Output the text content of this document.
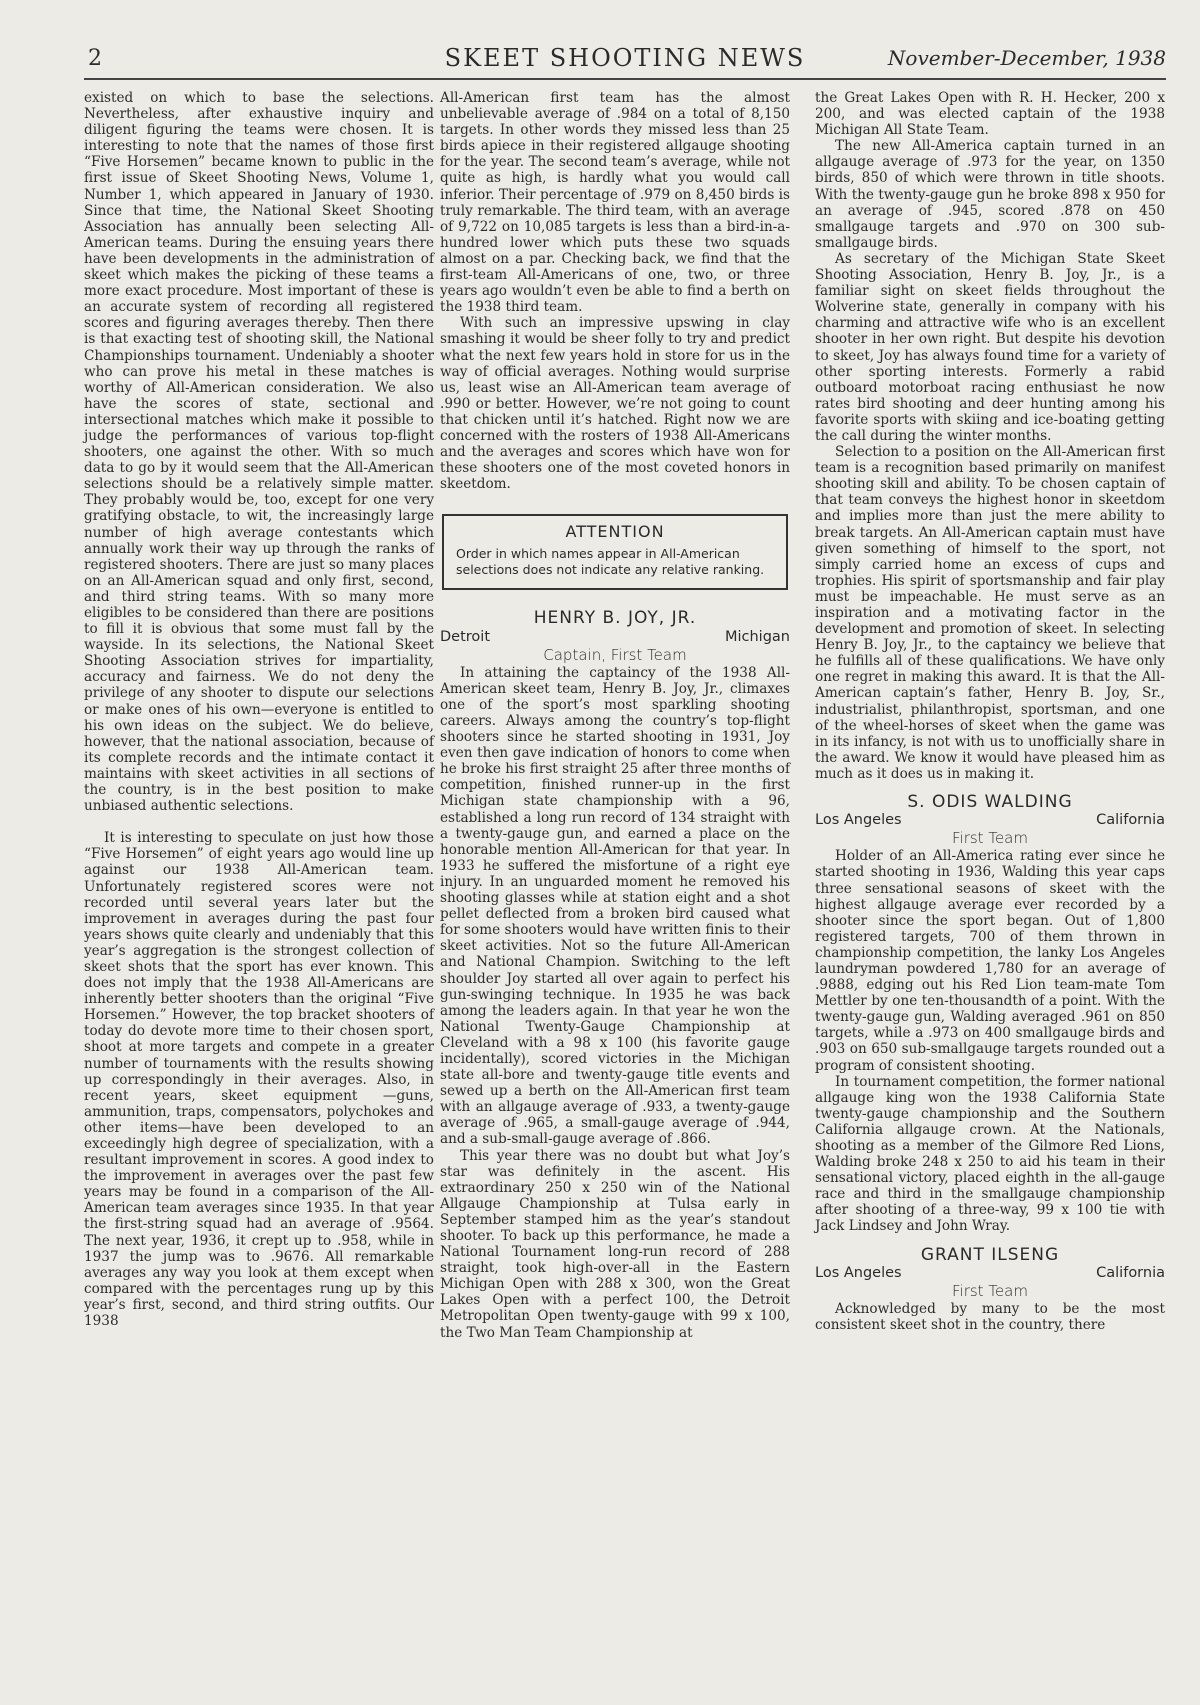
2	SKEET SHOOTING NEWS	November-December, 1938

existed on which to base the selections. Nevertheless, after exhaustive inquiry and diligent figuring the teams were chosen. It is interesting to note that the names of those first “Five Horsemen” became known to public in the first issue of Skeet Shooting News, Volume 1, Number 1, which appeared in January of 1930. Since that time, the National Skeet Shooting Association has annually been selecting All-American teams. During the ensuing years there have been developments in the administration of skeet which makes the picking of these teams a more exact procedure. Most important of these is an accurate system of recording all registered scores and figuring averages thereby. Then there is that exacting test of shooting skill, the National Championships tournament. Undeniably a shooter who can prove his metal in these matches is worthy of All-American consideration. We also have the scores of state, sectional and intersectional matches which make it possible to judge the performances of various top-flight shooters, one against the other. With so much data to go by it would seem that the All-American selections should be a relatively simple matter. They probably would be, too, except for one very gratifying obstacle, to wit, the increasingly large number of high average contestants which annually work their way up through the ranks of registered shooters. There are just so many places on an All-American squad and only first, second, and third string teams. With so many more eligibles to be considered than there are positions to fill it is obvious that some must fall by the wayside. In its selections, the National Skeet Shooting Association strives for impartiality, accuracy and fairness. We do not deny the privilege of any shooter to dispute our selections or make ones of his own—everyone is entitled to his own ideas on the subject. We do believe, however, that the national association, because of its complete records and the intimate contact it maintains with skeet activities in all sections of the country, is in the best position to make unbiased authentic selections.

It is interesting to speculate on just how those “Five Horsemen” of eight years ago would line up against our 1938 All-American team. Unfortunately registered scores were not recorded until several years later but the improvement in averages during the past four years shows quite clearly and undeniably that this year’s aggregation is the strongest collection of skeet shots that the sport has ever known. This does not imply that the 1938 All-Americans are inherently better shooters than the original “Five Horsemen.” However, the top bracket shooters of today do devote more time to their chosen sport, shoot at more targets and compete in a greater number of tournaments with the results showing up correspondingly in their averages. Also, in recent years, skeet equipment —guns, ammunition, traps, compensators, polychokes and other items—have been developed to an exceedingly high degree of specialization, with a resultant improvement in scores. A good index to the improvement in averages over the past few years may be found in a comparison of the All-American team averages since 1935. In that year the first-string squad had an average of .9564. The next year, 1936, it crept up to .958, while in 1937 the jump was to .9676. All remarkable averages any way you look at them except when compared with the percentages rung up by this year’s first, second, and third string outfits. Our 1938

All-American first team has the almost unbelievable average of .984 on a total of 8,150 targets. In other words they missed less than 25 birds apiece in their registered allgauge shooting for the year. The second team’s average, while not quite as high, is hardly what you would call inferior. Their percentage of .979 on 8,450 birds is truly remarkable. The third team, with an average of 9,722 on 10,085 targets is less than a bird-in-a-hundred lower which puts these two squads almost on a par. Checking back, we find that the first-team All-Americans of one, two, or three years ago wouldn’t even be able to find a berth on the 1938 third team.

With such an impressive upswing in clay smashing it would be sheer folly to try and predict what the next few years hold in store for us in the way of official averages. Nothing would surprise us, least wise an All-American team average of .990 or better. However, we’re not going to count that chicken until it’s hatched. Right now we are concerned with the rosters of 1938 All-Americans and the averages and scores which have won for these shooters one of the most coveted honors in skeetdom.

ATTENTION
Order in which names appear in All-American selections does not indicate any relative ranking.
HENRY B. JOY, JR.
Detroit	Michigan
Captain, First Team

In attaining the captaincy of the 1938 All-American skeet team, Henry B. Joy, Jr., climaxes one of the sport’s most sparkling shooting careers. Always among the country’s top-flight shooters since he started shooting in 1931, Joy even then gave indication of honors to come when he broke his first straight 25 after three months of competition, finished runner-up in the first Michigan state championship with a 96, established a long run record of 134 straight with a twenty-gauge gun, and earned a place on the honorable mention All-American for that year. In 1933 he suffered the misfortune of a right eye injury. In an unguarded moment he removed his shooting glasses while at station eight and a shot pellet deflected from a broken bird caused what for some shooters would have written finis to their skeet activities. Not so the future All-American and National Champion. Switching to the left shoulder Joy started all over again to perfect his gun-swinging technique. In 1935 he was back among the leaders again. In that year he won the National Twenty-Gauge Championship at Cleveland with a 98 x 100 (his favorite gauge incidentally), scored victories in the Michigan state all-bore and twenty-gauge title events and sewed up a berth on the All-American first team with an allgauge average of .933, a twenty-gauge average of .965, a small-gauge average of .944, and a sub-small-gauge average of .866.

This year there was no doubt but what Joy’s star was definitely in the ascent. His extraordinary 250 x 250 win of the National Allgauge Championship at Tulsa early in September stamped him as the year’s standout shooter. To back up this performance, he made a National Tournament long-run record of 288 straight, took high-over-all in the Eastern Michigan Open with 288 x 300, won the Great Lakes Open with a perfect 100, the Detroit Metropolitan Open twenty-gauge with 99 x 100, the Two Man Team Championship at

the Great Lakes Open with R. H. Hecker, 200 x 200, and was elected captain of the 1938 Michigan All State Team.

The new All-America captain turned in an allgauge average of .973 for the year, on 1350 birds, 850 of which were thrown in title shoots. With the twenty-gauge gun he broke 898 x 950 for an average of .945, scored .878 on 450 smallgauge targets and .970 on 300 sub-smallgauge birds.

As secretary of the Michigan State Skeet Shooting Association, Henry B. Joy, Jr., is a familiar sight on skeet fields throughout the Wolverine state, generally in company with his charming and attractive wife who is an excellent shooter in her own right. But despite his devotion to skeet, Joy has always found time for a variety of other sporting interests. Formerly a rabid outboard motorboat racing enthusiast he now rates bird shooting and deer hunting among his favorite sports with skiing and ice-boating getting the call during the winter months.

Selection to a position on the All-American first team is a recognition based primarily on manifest shooting skill and ability. To be chosen captain of that team conveys the highest honor in skeetdom and implies more than just the mere ability to break targets. An All-American captain must have given something of himself to the sport, not simply carried home an excess of cups and trophies. His spirit of sportsmanship and fair play must be impeachable. He must serve as an inspiration and a motivating factor in the development and promotion of skeet. In selecting Henry B. Joy, Jr., to the captaincy we believe that he fulfills all of these qualifications. We have only one regret in making this award. It is that the All-American captain’s father, Henry B. Joy, Sr., industrialist, philanthropist, sportsman, and one of the wheel-horses of skeet when the game was in its infancy, is not with us to unofficially share in the award. We know it would have pleased him as much as it does us in making it.

S. ODIS WALDING
Los Angeles	California
First Team

Holder of an All-America rating ever since he started shooting in 1936, Walding this year caps three sensational seasons of skeet with the highest allgauge average ever recorded by a shooter since the sport began. Out of 1,800 registered targets, 700 of them thrown in championship competition, the lanky Los Angeles laundryman powdered 1,780 for an average of .9888, edging out his Red Lion team-mate Tom Mettler by one ten-thousandth of a point. With the twenty-gauge gun, Walding averaged .961 on 850 targets, while a .973 on 400 smallgauge birds and .903 on 650 sub-smallgauge targets rounded out a program of consistent shooting.

In tournament competition, the former national allgauge king won the 1938 California State twenty-gauge championship and the Southern California allgauge crown. At the Nationals, shooting as a member of the Gilmore Red Lions, Walding broke 248 x 250 to aid his team in their sensational victory, placed eighth in the all-gauge race and third in the smallgauge championship after shooting of a three-way, 99 x 100 tie with Jack Lindsey and John Wray.

GRANT ILSENG
Los Angeles	California
First Team

Acknowledged by many to be the most consistent skeet shot in the country, there
